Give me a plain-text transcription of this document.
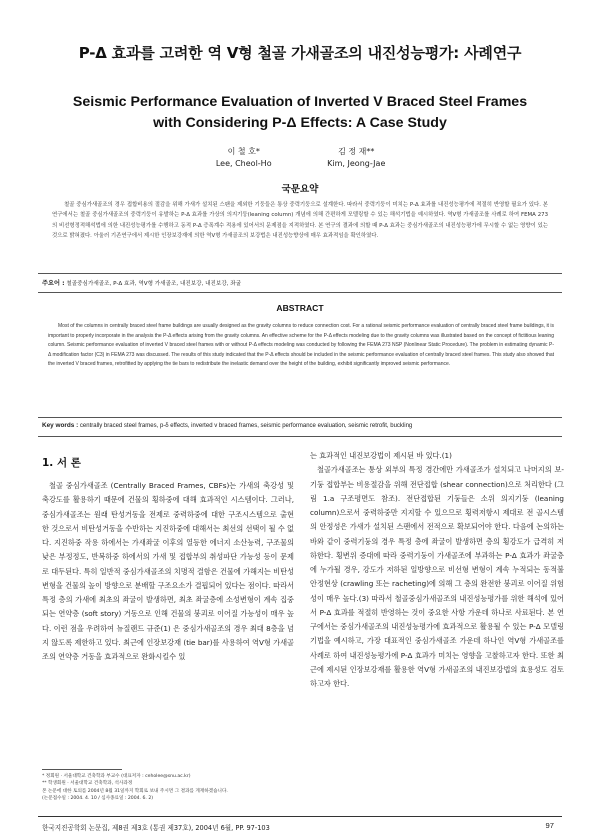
P-Δ 효과를 고려한 역 V형 철골 가새골조의 내진성능평가: 사례연구
Seismic Performance Evaluation of Inverted V Braced Steel Frames
with Considering P-Δ Effects: A Case Study
이 철 호*
Lee, Cheol-Ho

김 정 재**
Kim, Jeong-Jae
국문요약
철골 중심가새골조의 경우 접합비용의 절감을 위해 가새가 설치된 스팬을 제외한 기둥들은 통상 중력기둥으로 설계한다. 따라서 중력기둥이 미치는 P-Δ 효과를 내진성능평가에 적절히 반영할 필요가 있다. 본 연구에서는 철골 중심가새골조의 중력기둥이 유발하는 P-Δ 효과를 가상의 의지기둥(leaning column) 개념에 의해 간편하게 모델링할 수 있는 해석기법을 예시하였다. 역V형 가새골조를 사례로 하여 FEMA 273의 비선형정적해석법에 의한 내진성능평가를 수행하고 동적 P-Δ 증폭계수 적용에 있어서의 문제점을 지적하였다. 본 연구의 결과에 의할 때 P-Δ 효과는 중심가새골조의 내진성능평가에 무시할 수 없는 영향이 있는 것으로 밝혀졌다. 아울러 기존연구에서 제시한 인장보강재에 의한 역V형 가새골조의 보강법은 내진성능향상에 매우 효과적임을 확인하였다.
주요어 : 철골중심가새골조, P-Δ 효과, 역V형 가새골조, 내진보강, 내진보강, 좌굴
ABSTRACT
Most of the columns in centrally braced steel frame buildings are usually designed as the gravity columns to reduce connection cost. For a rational seismic performance evaluation of centrally braced steel frame buildings, it is important to properly incorporate in the analysis the P-Δ effects arising from the gravity columns. An effective scheme for the P-Δ effects modeling due to the gravity columns was illustrated based on the concept of fictitious leaning column. Seismic performance evaluation of inverted V braced steel frames with or without P-Δ effects modeling was conducted by following the FEMA 273 NSP (Nonlinear Static Procedure). The problem in estimating dynamic P-Δ modification factor (C3) in FEMA 273 was discussed. The results of this study indicated that the P-Δ effects should be included in the seismic performance evaluation of centrally braced steel frames. This study also showed that the inverted V braced frames, retrofitted by applying the tie bars to redistribute the inelastic demand over the height of the building, exhibit significantly improved seismic performance.
Key words : centrally braced steel frames, p-δ effects, inverted v braced frames, seismic performance evaluation, seismic retrofit, buckling
1. 서 론
철골 중심가새골조 (Centrally Braced Frames, CBFs)는 가새의 축강성 및 축강도를 활용하기 때문에 건물의 횡하중에 대해 효과적인 시스템이다. 그러나, 중심가새골조는 원래 탄성거동을 전제로 중력하중에 대한 구조시스템으로 출현한 것으로서 비탄성거동을 수반하는 지진하중에 대해서는 최선의 선택이 될 수 없다. 지진하중 작용 하에서는 가새좌굴 이후의 열등한 에너지 소산능력, 구조물의 낮은 부정정도, 반복하중 하에서의 가새 및 접합부의 취성파단 가능성 등이 문제로 대두된다. 특히 일반적 중심가새골조의 치명적 결함은 건물에 가해지는 비탄성 변형을 건물의 높이 방향으로 분배할 구조요소가 결핍되어 있다는 점이다. 따라서 특정 층의 가새에 최초의 좌굴이 발생하면, 최초 좌굴층에 소성변형이 계속 집중되는 연약층 (soft story) 거동으로 인해 건물의 붕괴로 이어질 가능성이 매우 높다. 이런 점을 우려하여 뉴질랜드 규준(1) 은 중심가새골조의 경우 최대 8층을 넘지 않도록 제한하고 있다. 최근에 인장보강재 (tie bar)를 사용하여 역V형 가새골조의 연약층 거동을 효과적으로 완화시킬수 있
는 효과적인 내진보강법이 제시된 바 있다.(1)
철골가새골조는 통상 외부의 특정 경간에만 가새골조가 설치되고 나머지의 보-기둥 접합부는 비용절감을 위해 전단접합 (shear connection)으로 처리한다 (그림 1.a 구조평면도 참조). 전단접합된 기둥들은 소위 의지기둥 (leaning column)으로서 중력하중만 지지할 수 있으므로 횡력저항시 제대로 전 골시스템의 안정성은 가새가 설치된 스팬에서 전적으로 확보되어야 한다. 다음에 논의하는 바와 같이 중력기둥의 경우 특정 층에 좌굴이 발생하면 층의 횡강도가 급격히 저하한다. 횡변위 증대에 따라 중력기둥이 가새골조에 부과하는 P-Δ 효과가 좌굴층에 누가될 경우, 강도가 저하된 일방향으로 비선형 변형이 계속 누적되는 동적불안정현상 (crawling 또는 racheting)에 의해 그 층의 완전한 붕괴로 이어질 위험성이 매우 높다.(3) 따라서 철골중심가새골조의 내진성능평가를 위한 해석에 있어서 P-Δ 효과를 적절히 반영하는 것이 중요한 사항 가운데 하나로 사료된다. 본 연구에서는 중심가새골조의 내진성능평가에 효과적으로 활용될 수 있는 P-Δ 모델링 기법을 예시하고, 가장 대표적인 중심가새골조 가운데 하나인 역V형 가새골조를 사례로 하여 내진성능평가에 P-Δ 효과가 미치는 영향을 고찰하고자 한다. 또한 최근에 제시된 인장보강재를 활용한 역V형 가새골조의 내진보강법의 효용성도 검토하고자 한다.
* 정회원 · 서울대학교 건축학과 부교수 (대표저자 : ceholee@snu.ac.kr)
** 학생회원 · 서울대학교 건축학과, 석사과정
본 논문에 대한 토의를 2004년 8월 31일까지 학회로 보내 주시면 그 결과를 게재하겠습니다.
(논문접수일 : 2004. 4. 10 / 심사종료일 : 2004. 6. 2)
한국지진공학회 논문집, 제8권 제3호 (통권 제37호), 2004년 6월, PP. 97-103	97
